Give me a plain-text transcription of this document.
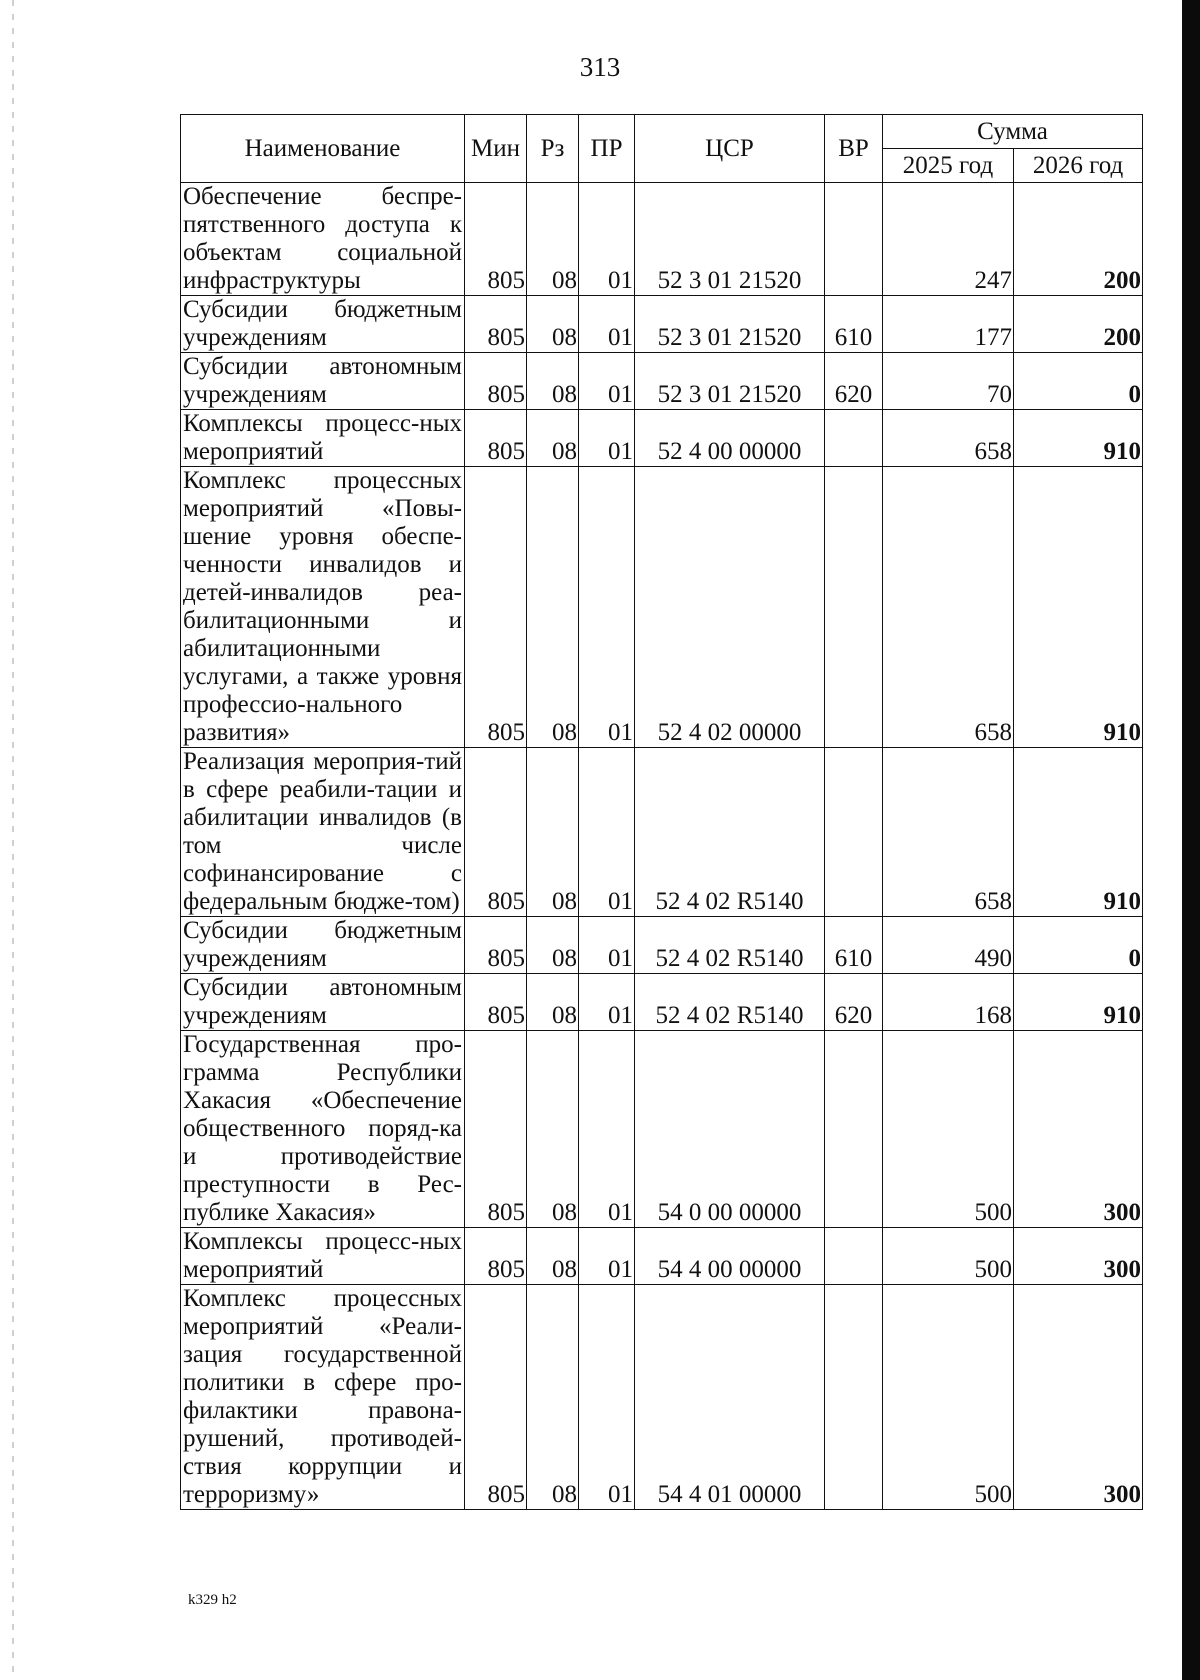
313
Наименование	Мин	Рз	ПР	ЦСР	ВР	Сумма	
						2025 год	2026 год
Обеспечение беспре-пятственного доступа к объектам социальной инфраструктуры	805	08	01	52 3 01 21520		247	200
Субсидии бюджетным учреждениям	805	08	01	52 3 01 21520	610	177	200
Субсидии автономным учреждениям	805	08	01	52 3 01 21520	620	70	0
Комплексы процесс-ных мероприятий	805	08	01	52 4 00 00000		658	910
Комплекс процессных мероприятий «Повы-шение уровня обеспе-ченности инвалидов и детей-инвалидов реа-билитационными и абилитационными услугами, а также уровня профессио-нального развития»	805	08	01	52 4 02 00000		658	910
Реализация мероприя-тий в сфере реабили-тации и абилитации инвалидов (в том числе софинансирование с федеральным бюдже-том)	805	08	01	52 4 02 R5140		658	910
Субсидии бюджетным учреждениям	805	08	01	52 4 02 R5140	610	490	0
Субсидии автономным учреждениям	805	08	01	52 4 02 R5140	620	168	910
Государственная про-грамма Республики Хакасия «Обеспечение общественного поряд-ка и противодействие преступности в Рес-публике Хакасия»	805	08	01	54 0 00 00000		500	300
Комплексы процесс-ных мероприятий	805	08	01	54 4 00 00000		500	300
Комплекс процессных мероприятий «Реали-зация государственной политики в сфере про-филактики правона-рушений, противодей-ствия коррупции и терроризму»	805	08	01	54 4 01 00000		500	300
k329 h2
